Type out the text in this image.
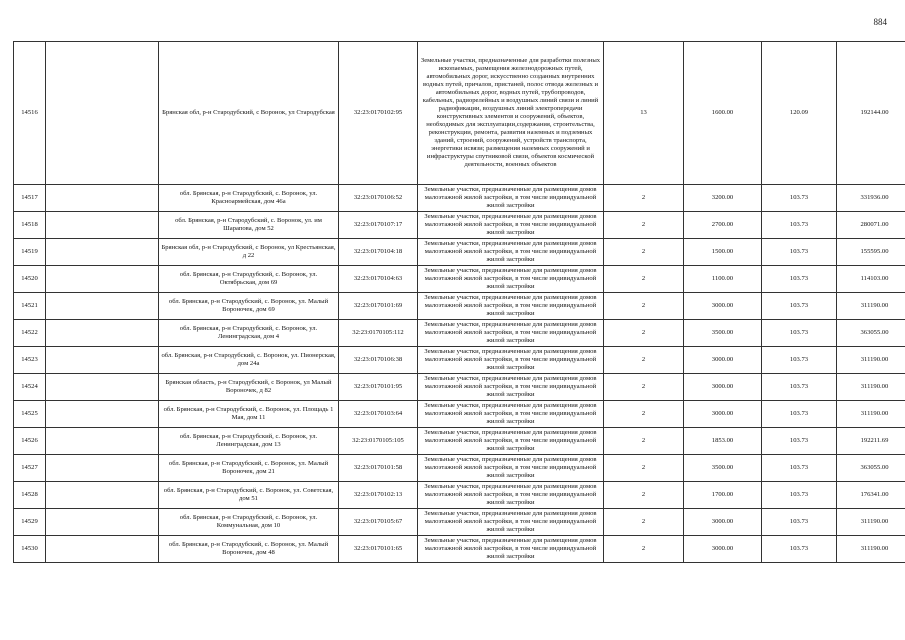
884
14516		Брянская обл, р-н Стародубский, с Воронок, ул Стародубская	32:23:0170102:95	Земельные участки, предназначенные для разработки полезных ископаемых, размещения железнодорожных путей, автомобильных дорог, искусственно созданных внутренних водных путей, причалов, пристаней, полос отвода железных и автомобильных дорог, водных путей, трубопроводов, кабельных, радиорелейных и воздушных линий связи и линий радиофикации, воздушных линий электропередачи конструктивных элементов и сооружений, объектов, необходимых для эксплуатации,содержания, строительства, реконструкции, ремонта, развития наземных и подземных зданий, строений, сооружений, устройств транспорта, энергетики исвязи; размещения наземных сооружений и инфраструктуры спутниковой связи, объектов космической деятельности, военных объектов	13	1600.00	120.09	192144.00
14517		обл. Брянская, р-н Стародубский, с. Воронок, ул. Красноармейская, дом 46а	32:23:0170106:52	Земельные участки, предназначенные для размещения домов малоэтажной жилой застройки, в том числе индивидуальной жилой застройки	2	3200.00	103.73	331936.00
14518		обл. Брянская, р-н Стародубский, с. Воронок, ул. им Шарапова, дом 52	32:23:0170107:17	Земельные участки, предназначенные для размещения домов малоэтажной жилой застройки, в том числе индивидуальной жилой застройки	2	2700.00	103.73	280071.00
14519		Брянская обл, р-н Стародубский, с Воронок, ул Крестьянская, д 22	32:23:0170104:18	Земельные участки, предназначенные для размещения домов малоэтажной жилой застройки, в том числе индивидуальной жилой застройки	2	1500.00	103.73	155595.00
14520		обл. Брянская, р-н Стародубский, с. Воронок, ул. Октябрьская, дом 69	32:23:0170104:63	Земельные участки, предназначенные для размещения домов малоэтажной жилой застройки, в том числе индивидуальной жилой застройки	2	1100.00	103.73	114103.00
14521		обл. Брянская, р-н Стародубский, с. Воронок, ул. Малый Вороночек, дом 69	32:23:0170101:69	Земельные участки, предназначенные для размещения домов малоэтажной жилой застройки, в том числе индивидуальной жилой застройки	2	3000.00	103.73	311190.00
14522		обл. Брянская, р-н Стародубский, с. Воронок, ул. Ленинградская, дом 4	32:23:0170105:112	Земельные участки, предназначенные для размещения домов малоэтажной жилой застройки, в том числе индивидуальной жилой застройки	2	3500.00	103.73	363055.00
14523		обл. Брянская, р-н Стародубский, с. Воронок, ул. Пионерская, дом 24а	32:23:0170106:38	Земельные участки, предназначенные для размещения домов малоэтажной жилой застройки, в том числе индивидуальной жилой застройки	2	3000.00	103.73	311190.00
14524		Брянская область, р-н Стародубский, с Воронок, ул Малый Вороночек, д 82	32:23:0170101:95	Земельные участки, предназначенные для размещения домов малоэтажной жилой застройки, в том числе индивидуальной жилой застройки	2	3000.00	103.73	311190.00
14525		обл. Брянская, р-н Стародубский, с. Воронок, ул. Площадь 1 Мая, дом 11	32:23:0170103:64	Земельные участки, предназначенные для размещения домов малоэтажной жилой застройки, в том числе индивидуальной жилой застройки	2	3000.00	103.73	311190.00
14526		обл. Брянская, р-н Стародубский, с. Воронок, ул. Ленинградская, дом 13	32:23:0170105:105	Земельные участки, предназначенные для размещения домов малоэтажной жилой застройки, в том числе индивидуальной жилой застройки	2	1853.00	103.73	192211.69
14527		обл. Брянская, р-н Стародубский, с. Воронок, ул. Малый Вороночек, дом 21	32:23:0170101:58	Земельные участки, предназначенные для размещения домов малоэтажной жилой застройки, в том числе индивидуальной жилой застройки	2	3500.00	103.73	363055.00
14528		обл. Брянская, р-н Стародубский, с. Воронок, ул. Советская, дом 51	32:23:0170102:13	Земельные участки, предназначенные для размещения домов малоэтажной жилой застройки, в том числе индивидуальной жилой застройки	2	1700.00	103.73	176341.00
14529		обл. Брянская, р-н Стародубский, с. Воронок, ул. Коммунальная, дом 10	32:23:0170105:67	Земельные участки, предназначенные для размещения домов малоэтажной жилой застройки, в том числе индивидуальной жилой застройки	2	3000.00	103.73	311190.00
14530		обл. Брянская, р-н Стародубский, с. Воронок, ул. Малый Вороночек, дом 48	32:23:0170101:65	Земельные участки, предназначенные для размещения домов малоэтажной жилой застройки, в том числе индивидуальной жилой застройки	2	3000.00	103.73	311190.00
